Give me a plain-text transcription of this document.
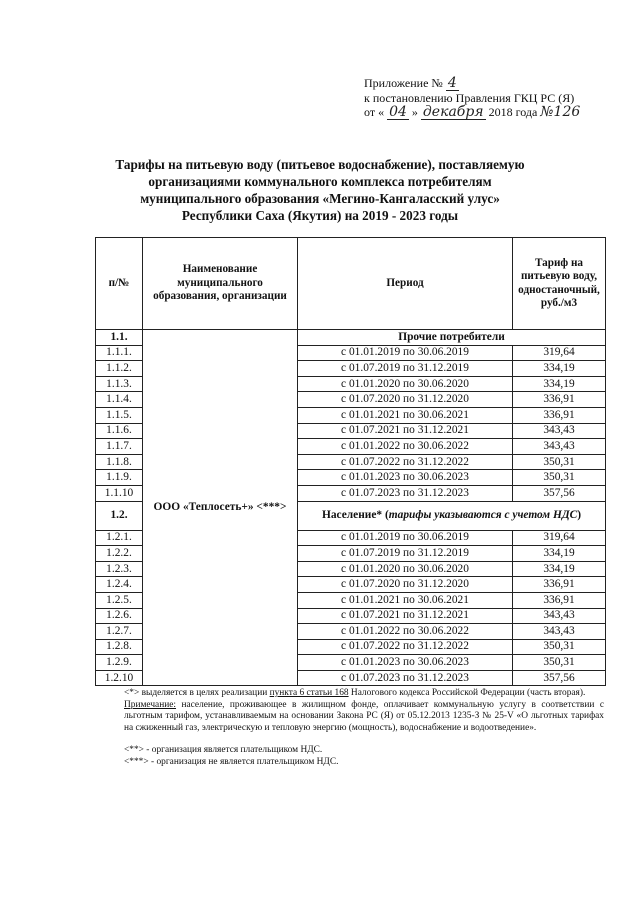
Приложение № 4
к постановлению Правления ГКЦ РС (Я)
от « 04 » декабря 2018 года №126
Тарифы на питьевую воду (питьевое водоснабжение), поставляемую
организациями коммунального комплекса потребителям
муниципального образования «Мегино-Кангаласский улус»
Республики Саха (Якутия) на 2019 - 2023 годы
п/№	Наименование муниципального образования, организации	Период	Тариф на питьевую воду, одностаночный, руб./м3
1.1.	ООО «Теплосеть+» <***>	Прочие потребители	
1.1.1.		с 01.01.2019 по 30.06.2019	319,64
1.1.2.		с 01.07.2019 по 31.12.2019	334,19
1.1.3.		с 01.01.2020 по 30.06.2020	334,19
1.1.4.		с 01.07.2020 по 31.12.2020	336,91
1.1.5.		с 01.01.2021 по 30.06.2021	336,91
1.1.6.		с 01.07.2021 по 31.12.2021	343,43
1.1.7.		с 01.01.2022 по 30.06.2022	343,43
1.1.8.		с 01.07.2022 по 31.12.2022	350,31
1.1.9.		с 01.01.2023 по 30.06.2023	350,31
1.1.10		с 01.07.2023 по 31.12.2023	357,56
1.2.		Население* (тарифы указываются с учетом НДС)	
1.2.1.		с 01.01.2019 по 30.06.2019	319,64
1.2.2.		с 01.07.2019 по 31.12.2019	334,19
1.2.3.		с 01.01.2020 по 30.06.2020	334,19
1.2.4.		с 01.07.2020 по 31.12.2020	336,91
1.2.5.		с 01.01.2021 по 30.06.2021	336,91
1.2.6.		с 01.07.2021 по 31.12.2021	343,43
1.2.7.		с 01.01.2022 по 30.06.2022	343,43
1.2.8.		с 01.07.2022 по 31.12.2022	350,31
1.2.9.		с 01.01.2023 по 30.06.2023	350,31
1.2.10		с 01.07.2023 по 31.12.2023	357,56

<*> выделяется в целях реализации пункта 6 статьи 168 Налогового кодекса Российской Федерации (часть вторая).

Примечание: население, проживающее в жилищном фонде, оплачивает коммунальную услугу в соответствии с льготным тарифом, устанавливаемым на основании Закона РС (Я) от 05.12.2013 1235-З № 25-V «О льготных тарифах на сжиженный газ, электрическую и тепловую энергию (мощность), водоснабжение и водоотведение».

<**> - организация является плательщиком НДС.

<***> - организация не является плательщиком НДС.
